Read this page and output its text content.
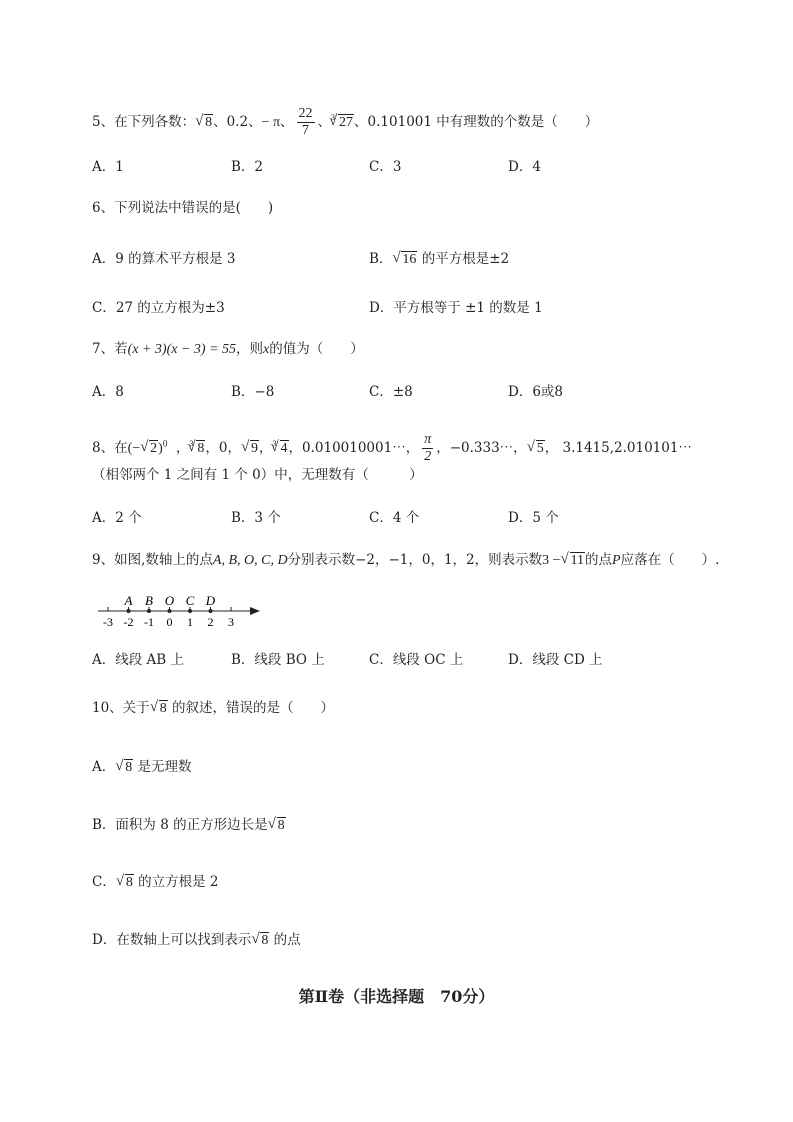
5、在下列各数： √ 8、0.2、− π、 $\frac{22}{7}$ 、$^3$ √ 27、0.101001 中有理数的个数是（　　）
A．1	B．2	C．3	D．4
6、下列说法中错误的是(　　)
A．9 的算术平方根是 3	B． √ 16 的平方根是±2
C．27 的立方根为±3	D．平方根等于 ±1 的数是 1
7、若(x + 3)(x − 3) = 55，则x的值为（　　）
A．8	B．−8	C．±8	D．6或8
8、在(− √ 2)$^0$ ，$^3$ √ 8，0， √ 9，$^3$ √ 4，0.010010001⋯， $\frac{\pi}{2}$ ，−0.333⋯， √ 5， 3.1415,2.010101⋯
（相邻两个 1 之间有 1 个 0）中，无理数有（　　　）
A．2 个	B．3 个	C．4 个	D．5 个
9、如图,数轴上的点A, B, O, C, D分别表示数−2，−1，0，1，2，则表示数3 − √ 11的点P应落在（　　）.
-3 -2 -1 0 1 2 3
A B O C D
A．线段 AB 上	B．线段 BO 上	C．线段 OC 上	D．线段 CD 上
10、关于 √ 8 的叙述，错误的是（　　）
A． √ 8 是无理数
B．面积为 8 的正方形边长是 √ 8
C． √ 8 的立方根是 2
D．在数轴上可以找到表示 √ 8 的点
第Ⅱ卷（非选择题　70分）
